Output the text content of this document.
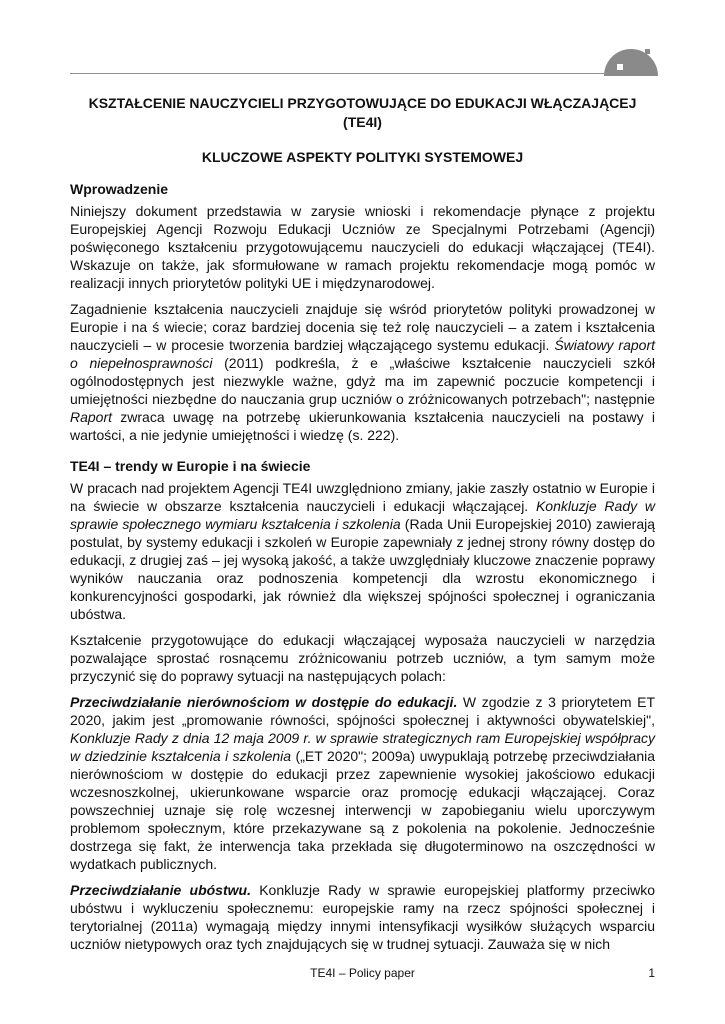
KSZTAŁCENIE NAUCZYCIELI PRZYGOTOWUJĄCE DO EDUKACJI WŁĄCZAJĄCEJ
(TE4I)
KLUCZOWE ASPEKTY POLITYKI SYSTEMOWEJ
Wprowadzenie

Niniejszy dokument przedstawia w zarysie wnioski i rekomendacje płynące z projektu Europejskiej Agencji Rozwoju Edukacji Uczniów ze Specjalnymi Potrzebami (Agencji) poświęconego kształceniu przygotowującemu nauczycieli do edukacji włączającej (TE4I). Wskazuje on także, jak sformułowane w ramach projektu rekomendacje mogą pomóc w realizacji innych priorytetów polityki UE i międzynarodowej.

Zagadnienie kształcenia nauczycieli znajduje się wśród priorytetów polityki prowadzonej w Europie i na ś wiecie; coraz bardziej docenia się też rolę nauczycieli – a zatem i kształcenia nauczycieli – w procesie tworzenia bardziej włączającego systemu edukacji. Światowy raport o niepełnosprawności (2011) podkreśla, ż e „właściwe kształcenie nauczycieli szkół ogólnodostępnych jest niezwykle ważne, gdyż ma im zapewnić poczucie kompetencji i umiejętności niezbędne do nauczania grup uczniów o zróżnicowanych potrzebach"; następnie Raport zwraca uwagę na potrzebę ukierunkowania kształcenia nauczycieli na postawy i wartości, a nie jedynie umiejętności i wiedzę (s. 222).

TE4I – trendy w Europie i na świecie

W pracach nad projektem Agencji TE4I uwzględniono zmiany, jakie zaszły ostatnio w Europie i na świecie w obszarze kształcenia nauczycieli i edukacji włączającej. Konkluzje Rady w sprawie społecznego wymiaru kształcenia i szkolenia (Rada Unii Europejskiej 2010) zawierają postulat, by systemy edukacji i szkoleń w Europie zapewniały z jednej strony równy dostęp do edukacji, z drugiej zaś – jej wysoką jakość, a także uwzględniały kluczowe znaczenie poprawy wyników nauczania oraz podnoszenia kompetencji dla wzrostu ekonomicznego i konkurencyjności gospodarki, jak również dla większej spójności społecznej i ograniczania ubóstwa.

Kształcenie przygotowujące do edukacji włączającej wyposaża nauczycieli w narzędzia pozwalające sprostać rosnącemu zróżnicowaniu potrzeb uczniów, a tym samym może przyczynić się do poprawy sytuacji na następujących polach:

Przeciwdziałanie nierównościom w dostępie do edukacji. W zgodzie z 3 priorytetem ET 2020, jakim jest „promowanie równości, spójności społecznej i aktywności obywatelskiej", Konkluzje Rady z dnia 12 maja 2009 r. w sprawie strategicznych ram Europejskiej współpracy w dziedzinie kształcenia i szkolenia („ET 2020"; 2009a) uwypuklają potrzebę przeciwdziałania nierównościom w dostępie do edukacji przez zapewnienie wysokiej jakościowo edukacji wczesnoszkolnej, ukierunkowane wsparcie oraz promocję edukacji włączającej. Coraz powszechniej uznaje się rolę wczesnej interwencji w zapobieganiu wielu uporczywym problemom społecznym, które przekazywane są z pokolenia na pokolenie. Jednocześnie dostrzega się fakt, że interwencja taka przekłada się długoterminowo na oszczędności w wydatkach publicznych.

Przeciwdziałanie ubóstwu. Konkluzje Rady w sprawie europejskiej platformy przeciwko ubóstwu i wykluczeniu społecznemu: europejskie ramy na rzecz spójności społecznej i terytorialnej (2011a) wymagają między innymi intensyfikacji wysiłków służących wsparciu uczniów nietypowych oraz tych znajdujących się w trudnej sytuacji. Zauważa się w nich

TE4I – Policy paper	1
